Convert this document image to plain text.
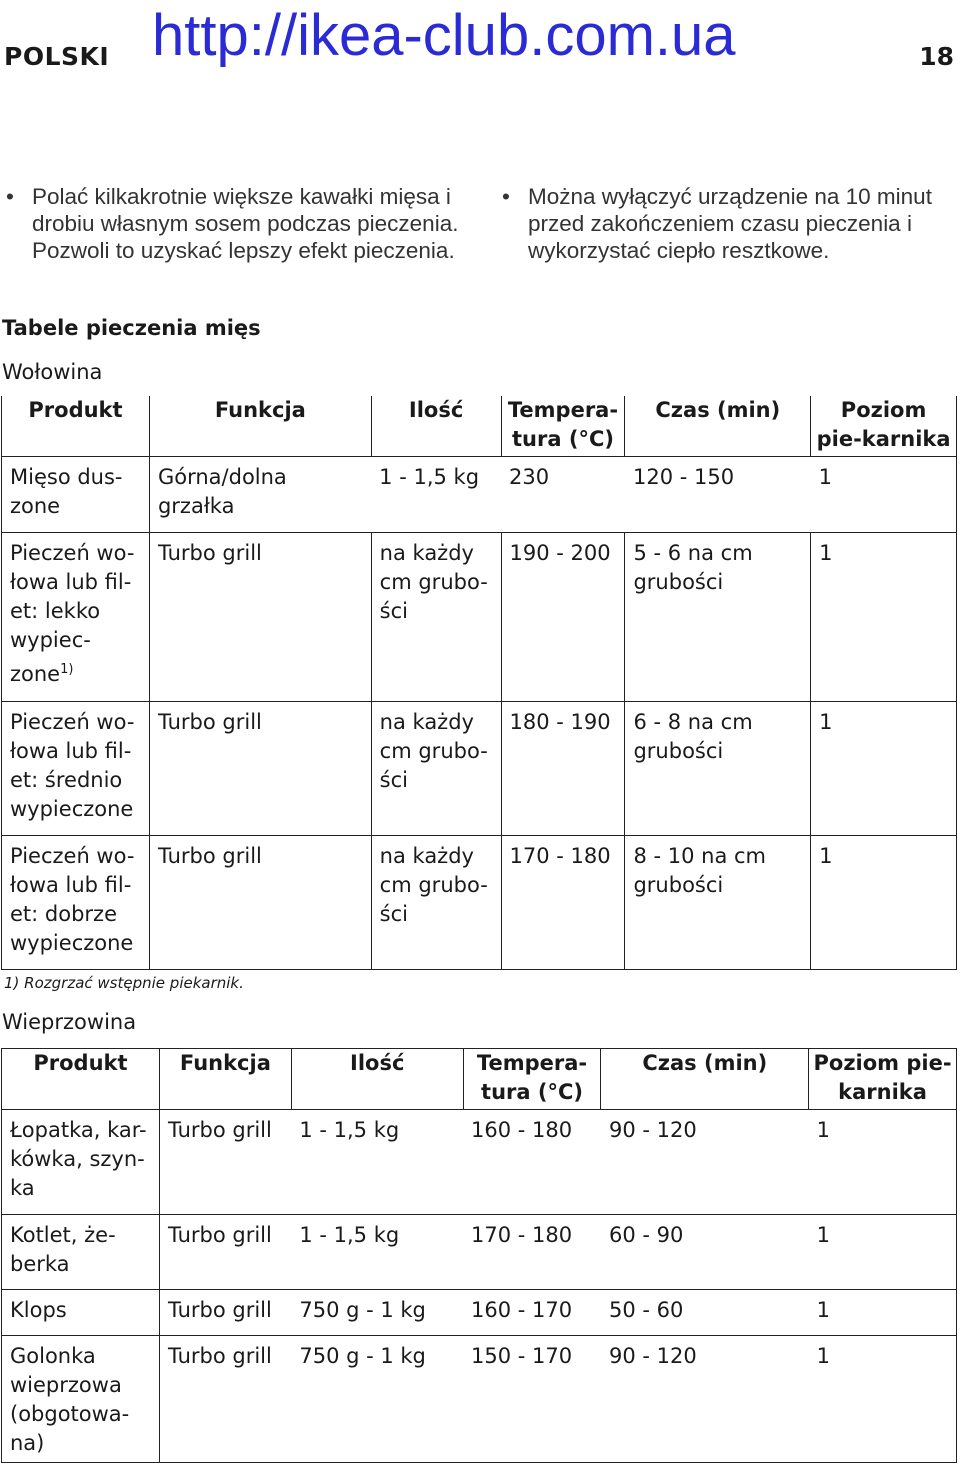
POLSKI http://ikea-club.com.ua	18
• Polać kilkakrotnie większe kawałki mięsa i drobiu własnym sosem podczas pieczenia. Pozwoli to uzyskać lepszy efekt pieczenia.
• Można wyłączyć urządzenie na 10 minut przed zakończeniem czasu pieczenia i wykorzystać ciepło resztkowe.
Tabele pieczenia mięs
Wołowina
Produkt	Funkcja	Ilość	Tempera-tura (°C)	Czas (min)	Poziom pie-karnika
Mięso dus-zone	Górna/dolna grzałka	1 - 1,5 kg	230	120 - 150	1
Pieczeń wo-łowa lub fil-et: lekko wypiec-zone$^{1)}$	Turbo grill	na każdy cm grubo-ści	190 - 200	5 - 6 na cm grubości	1
Pieczeń wo-łowa lub fil-et: średnio wypieczone	Turbo grill	na każdy cm grubo-ści	180 - 190	6 - 8 na cm grubości	1
Pieczeń wo-łowa lub fil-et: dobrze wypieczone	Turbo grill	na każdy cm grubo-ści	170 - 180	8 - 10 na cm grubości	1
1) Rozgrzać wstępnie piekarnik.
Wieprzowina
Produkt	Funkcja	Ilość	Tempera-tura (°C)	Czas (min)	Poziom pie-karnika
Łopatka, kar-kówka, szyn-ka	Turbo grill	1 - 1,5 kg	160 - 180	90 - 120	1
Kotlet, że-berka	Turbo grill	1 - 1,5 kg	170 - 180	60 - 90	1
Klops	Turbo grill	750 g - 1 kg	160 - 170	50 - 60	1
Golonka wieprzowa (obgotowa-na)	Turbo grill	750 g - 1 kg	150 - 170	90 - 120	1
